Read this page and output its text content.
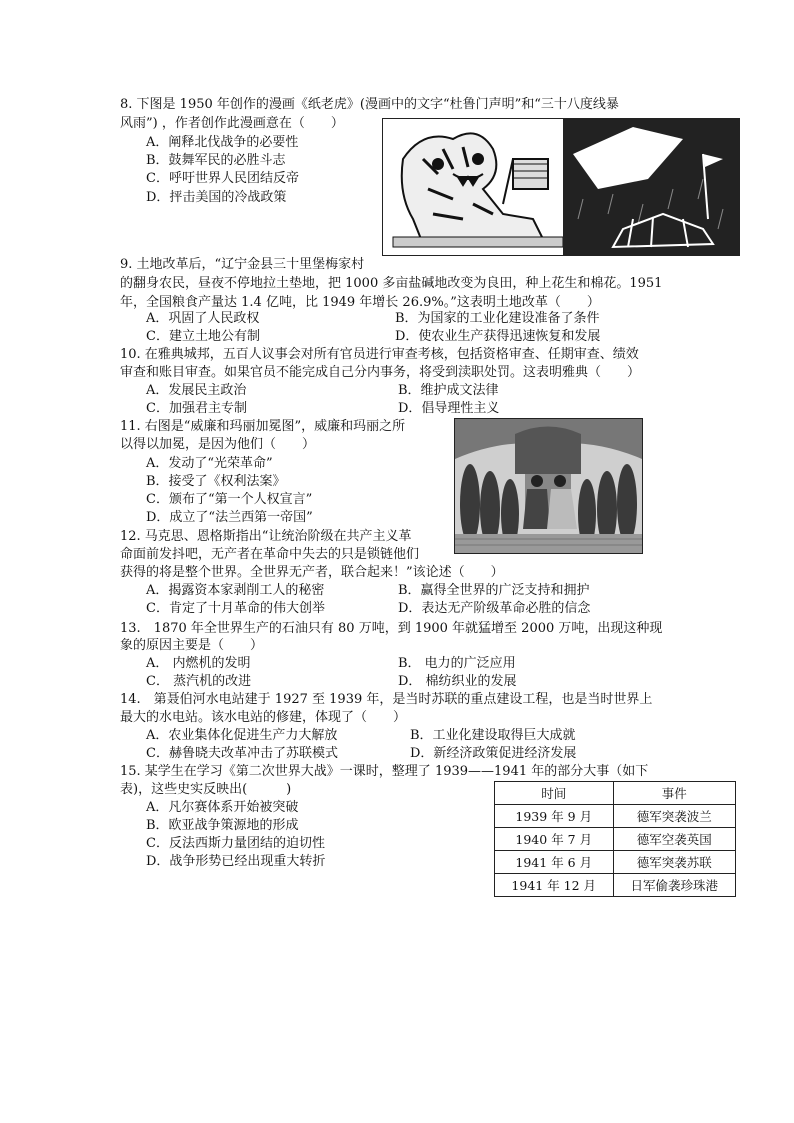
8. 下图是 1950 年创作的漫画《纸老虎》(漫画中的文字“杜鲁门声明”和“三十八度线暴
风雨”) ，作者创作此漫画意在（　　）
A．阐释北伐战争的必要性
B．鼓舞军民的必胜斗志
C．呼吁世界人民团结反帝
D．抨击美国的冷战政策
9. 土地改革后，“辽宁金县三十里堡梅家村
的翻身农民，昼夜不停地拉土垫地，把 1000 多亩盐碱地改变为良田，种上花生和棉花。1951
年，全国粮食产量达 1.4 亿吨，比 1949 年增长 26.9%。”这表明土地改革（　　）
A．巩固了人民政权	B．为国家的工业化建设准备了条件
C．建立土地公有制	D．使农业生产获得迅速恢复和发展
10. 在雅典城邦，五百人议事会对所有官员进行审查考核，包括资格审查、任期审查、绩效
审查和账目审查。如果官员不能完成自己分内事务，将受到渎职处罚。这表明雅典（　　）
A．发展民主政治	B．维护成文法律
C．加强君主专制	D．倡导理性主义
11. 右图是“威廉和玛丽加冕图”，威廉和玛丽之所
以得以加冕，是因为他们（　　）
A．发动了“光荣革命”
B．接受了《权利法案》
C．颁布了“第一个人权宣言”
D．成立了“法兰西第一帝国”
12. 马克思、恩格斯指出“让统治阶级在共产主义革
命面前发抖吧，无产者在革命中失去的只是锁链他们
获得的将是整个世界。全世界无产者，联合起来！”该论述（　　）
A．揭露资本家剥削工人的秘密	B．赢得全世界的广泛支持和拥护
C．肯定了十月革命的伟大创举	D．表达无产阶级革命必胜的信念
13.　1870 年全世界生产的石油只有 80 万吨，到 1900 年就猛增至 2000 万吨，出现这种现
象的原因主要是（　　）
A． 内燃机的发明	B． 电力的广泛应用
C． 蒸汽机的改进	D． 棉纺织业的发展
14.　第聂伯河水电站建于 1927 至 1939 年，是当时苏联的重点建设工程，也是当时世界上
最大的水电站。该水电站的修建，体现了（　　）
A．农业集体化促进生产力大解放	B．工业化建设取得巨大成就
C．赫鲁晓夫改革冲击了苏联模式	D．新经济政策促进经济发展
15. 某学生在学习《第二次世界大战》一课时，整理了 1939——1941 年的部分大事（如下
表)，这些史实反映出(　　　)
A．凡尔赛体系开始被突破
B．欧亚战争策源地的形成
C．反法西斯力量团结的迫切性
D．战争形势已经出现重大转折
时间	事件
1939 年 9 月	德军突袭波兰
1940 年 7 月	德军空袭英国
1941 年 6 月	德军突袭苏联
1941 年 12 月	日军偷袭珍珠港
